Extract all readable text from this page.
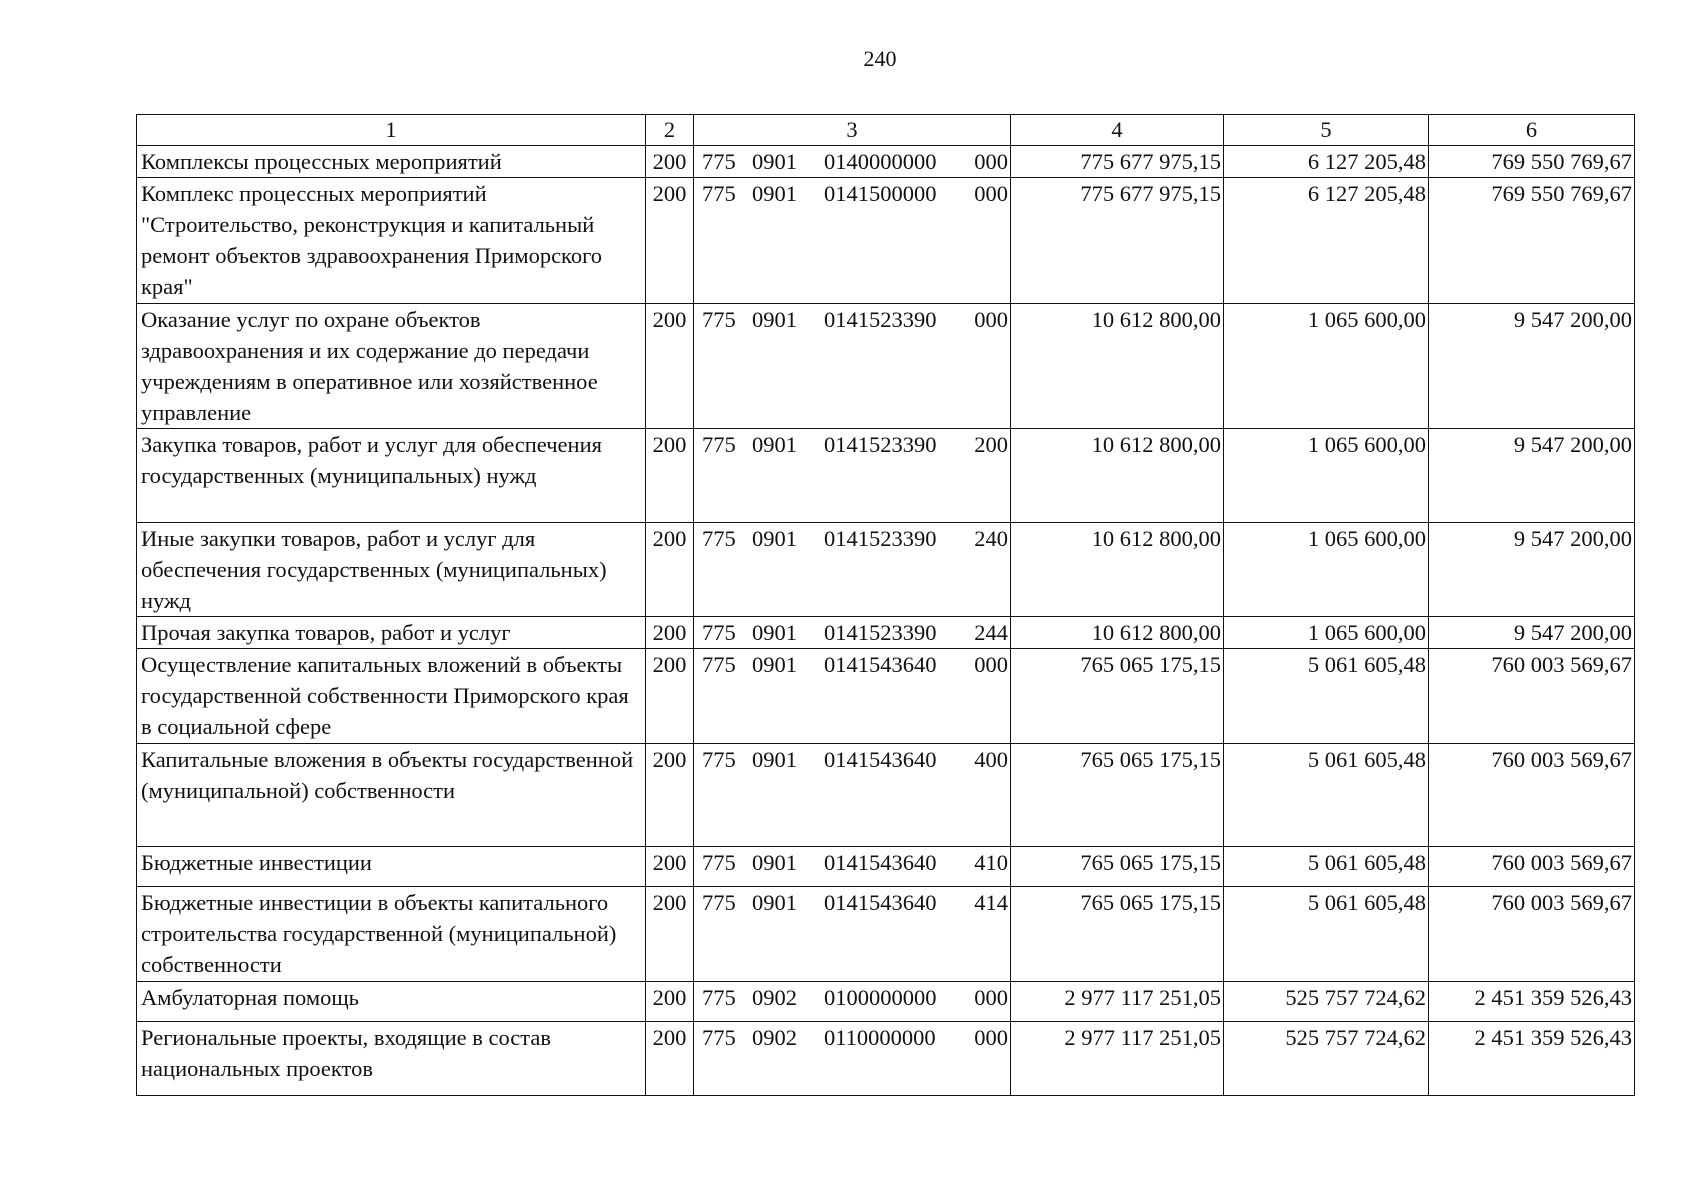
240
1	2	3	4	5	6
Комплексы процессных мероприятий	200	775 0901 0140000000 000	775 677 975,15	6 127 205,48	769 550 769,67
Комплекс процессных мероприятий "Строительство, реконструкция и капитальный ремонт объектов здравоохранения Приморского края"	200	775 0901 0141500000 000	775 677 975,15	6 127 205,48	769 550 769,67
Оказание услуг по охране объектов здравоохранения и их содержание до передачи учреждениям в оперативное или хозяйственное управление	200	775 0901 0141523390 000	10 612 800,00	1 065 600,00	9 547 200,00
Закупка товаров, работ и услуг для обеспечения государственных (муниципальных) нужд	200	775 0901 0141523390 200	10 612 800,00	1 065 600,00	9 547 200,00
Иные закупки товаров, работ и услуг для обеспечения государственных (муниципальных) нужд	200	775 0901 0141523390 240	10 612 800,00	1 065 600,00	9 547 200,00
Прочая закупка товаров, работ и услуг	200	775 0901 0141523390 244	10 612 800,00	1 065 600,00	9 547 200,00
Осуществление капитальных вложений в объекты государственной собственности Приморского края в социальной сфере	200	775 0901 0141543640 000	765 065 175,15	5 061 605,48	760 003 569,67
Капитальные вложения в объекты государственной (муниципальной) собственности	200	775 0901 0141543640 400	765 065 175,15	5 061 605,48	760 003 569,67
Бюджетные инвестиции	200	775 0901 0141543640 410	765 065 175,15	5 061 605,48	760 003 569,67
Бюджетные инвестиции в объекты капитального строительства государственной (муниципальной) собственности	200	775 0901 0141543640 414	765 065 175,15	5 061 605,48	760 003 569,67
Амбулаторная помощь	200	775 0902 0100000000 000	2 977 117 251,05	525 757 724,62	2 451 359 526,43
Региональные проекты, входящие в состав национальных проектов	200	775 0902 0110000000 000	2 977 117 251,05	525 757 724,62	2 451 359 526,43
